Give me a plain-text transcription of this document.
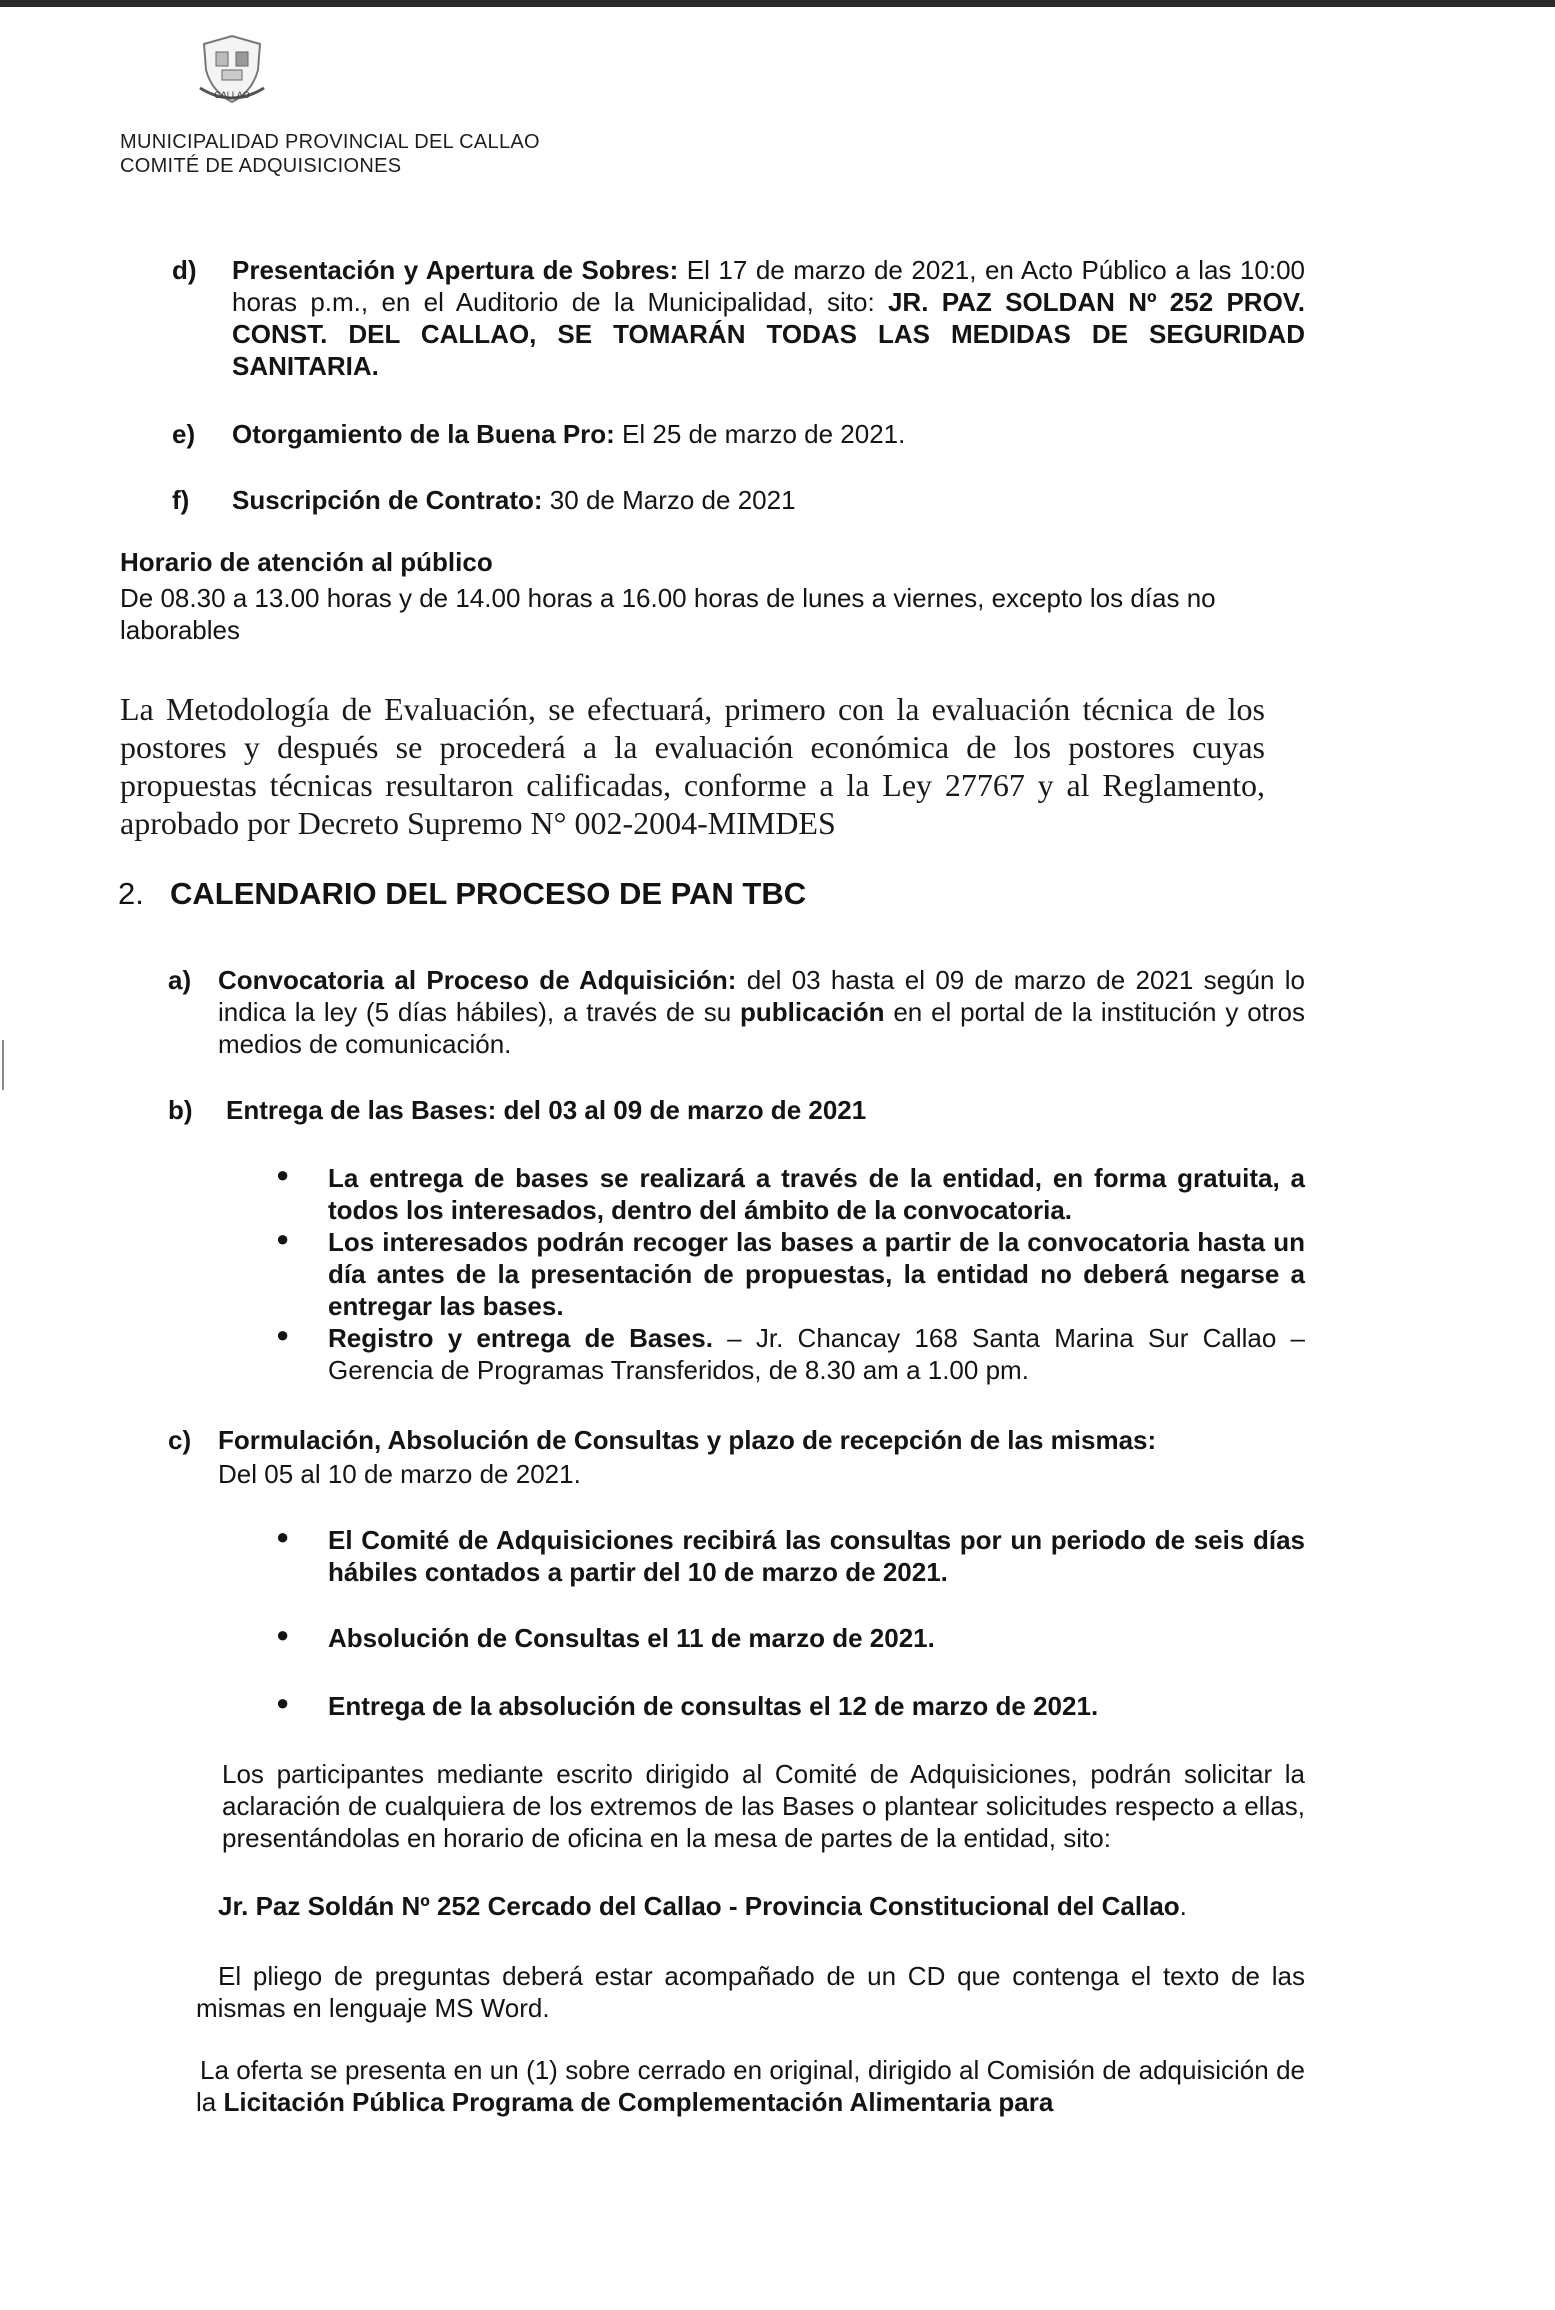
CALLAO
MUNICIPALIDAD PROVINCIAL DEL CALLAO
COMITÉ DE ADQUISICIONES
d) Presentación y Apertura de Sobres: El 17 de marzo de 2021, en Acto Público a las 10:00 horas p.m., en el Auditorio de la Municipalidad, sito: JR. PAZ SOLDAN Nº 252 PROV. CONST. DEL CALLAO, SE TOMARÁN TODAS LAS MEDIDAS DE SEGURIDAD SANITARIA.
e) Otorgamiento de la Buena Pro: El 25 de marzo de 2021.
f) Suscripción de Contrato: 30 de Marzo de 2021
Horario de atención al público
De 08.30 a 13.00 horas y de 14.00 horas a 16.00 horas de lunes a viernes, excepto los días no laborables
La Metodología de Evaluación, se efectuará, primero con la evaluación técnica de los postores y después se procederá a la evaluación económica de los postores cuyas propuestas técnicas resultaron calificadas, conforme a la Ley 27767 y al Reglamento, aprobado por Decreto Supremo N° 002-2004-MIMDES
2. CALENDARIO DEL PROCESO DE PAN TBC
a) Convocatoria al Proceso de Adquisición: del 03 hasta el 09 de marzo de 2021 según lo indica la ley (5 días hábiles), a través de su publicación en el portal de la institución y otros medios de comunicación.
b) Entrega de las Bases: del 03 al 09 de marzo de 2021
● La entrega de bases se realizará a través de la entidad, en forma gratuita, a todos los interesados, dentro del ámbito de la convocatoria.
● Los interesados podrán recoger las bases a partir de la convocatoria hasta un día antes de la presentación de propuestas, la entidad no deberá negarse a entregar las bases.
● Registro y entrega de Bases. – Jr. Chancay 168 Santa Marina Sur Callao – Gerencia de Programas Transferidos, de 8.30 am a 1.00 pm.
c) Formulación, Absolución de Consultas y plazo de recepción de las mismas:
Del 05 al 10 de marzo de 2021.
● El Comité de Adquisiciones recibirá las consultas por un periodo de seis días hábiles contados a partir del 10 de marzo de 2021.
● Absolución de Consultas el 11 de marzo de 2021.
● Entrega de la absolución de consultas el 12 de marzo de 2021.
Los participantes mediante escrito dirigido al Comité de Adquisiciones, podrán solicitar la aclaración de cualquiera de los extremos de las Bases o plantear solicitudes respecto a ellas, presentándolas en horario de oficina en la mesa de partes de la entidad, sito:
Jr. Paz Soldán Nº 252 Cercado del Callao - Provincia Constitucional del Callao.
El pliego de preguntas deberá estar acompañado de un CD que contenga el texto de las mismas en lenguaje MS Word.
La oferta se presenta en un (1) sobre cerrado en original, dirigido al Comisión de adquisición de la Licitación Pública Programa de Complementación Alimentaria para
